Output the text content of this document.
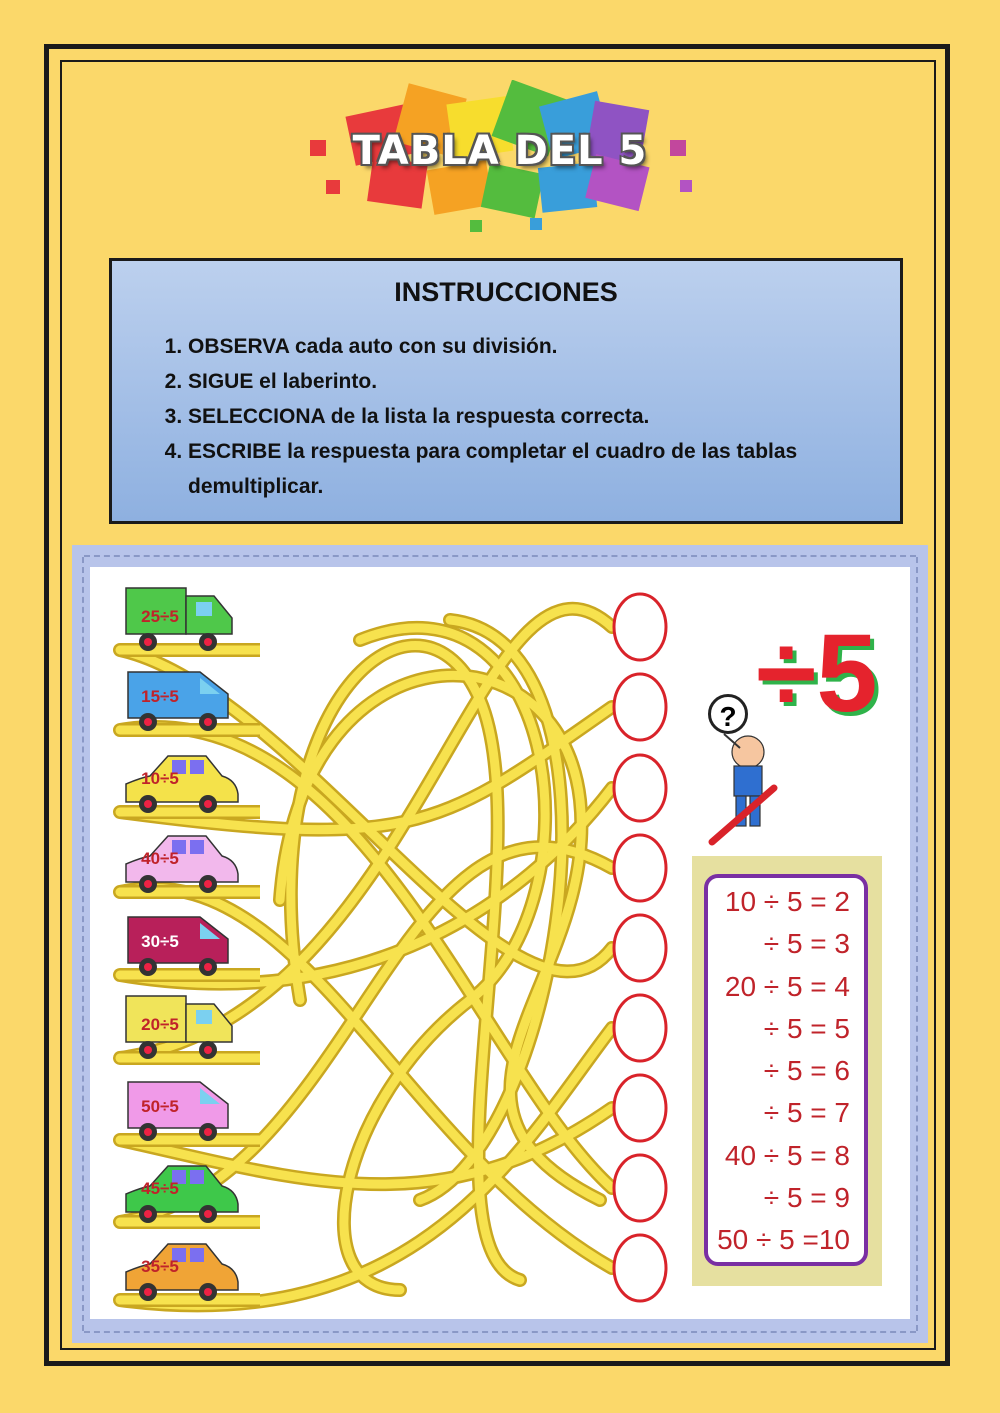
TABLA DEL 5
INSTRUCCIONES
1. OBSERVA cada auto con su división.
2. SIGUE el laberinto.
3. SELECCIONA de la lista la respuesta correcta.
4. ESCRIBE la respuesta para completar el cuadro de las tablas demultiplicar.
25÷5
15÷5
10÷5
40÷5
30÷5
20÷5
50÷5
45÷5
35÷5
÷5
?
10 ÷ 5 = 2
÷ 5 = 3
20 ÷ 5 = 4
÷ 5 = 5
÷ 5 = 6
÷ 5 = 7
40 ÷ 5 = 8
÷ 5 = 9
50 ÷ 5 =10
